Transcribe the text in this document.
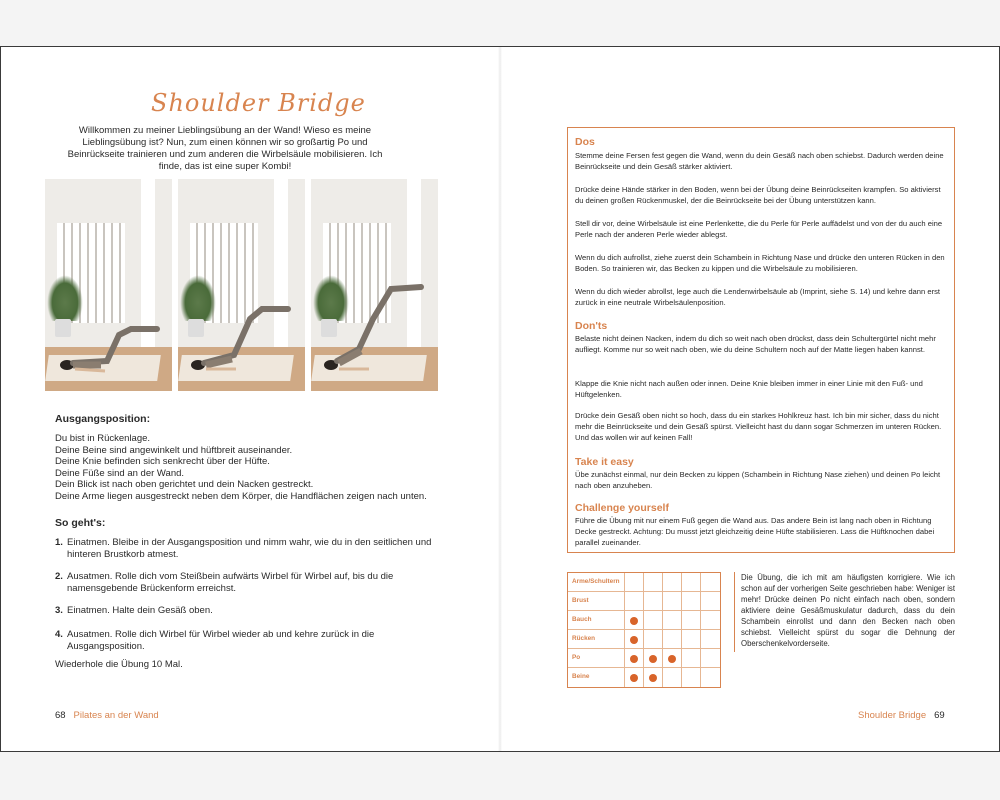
Shoulder Bridge

Willkommen zu meiner Lieblingsübung an der Wand! Wieso es meine Lieblingsübung ist? Nun, zum einen können wir so großartig Po und Beinrückseite trainieren und zum anderen die Wirbelsäule mobilisieren. Ich finde, das ist eine super Kombi!

Ausgangsposition:
Du bist in Rückenlage.
Deine Beine sind angewinkelt und hüftbreit auseinander.
Deine Knie befinden sich senkrecht über der Hüfte.
Deine Füße sind an der Wand.
Dein Blick ist nach oben gerichtet und dein Nacken gestreckt.
Deine Arme liegen ausgestreckt neben dem Körper, die Handflächen zeigen nach unten.
So geht's:
1. Einatmen. Bleibe in der Ausgangsposition und nimm wahr, wie du in den seitlichen und hinteren Brustkorb atmest.
2. Ausatmen. Rolle dich vom Steißbein aufwärts Wirbel für Wirbel auf, bis du die namensgebende Brückenform erreichst.
3. Einatmen. Halte dein Gesäß oben.
4. Ausatmen. Rolle dich Wirbel für Wirbel wieder ab und kehre zurück in die Ausgangsposition.

Wiederhole die Übung 10 Mal.

68 Pilates an der Wand
Dos

Stemme deine Fersen fest gegen die Wand, wenn du dein Gesäß nach oben schiebst. Dadurch werden deine Beinrückseite und dein Gesäß stärker aktiviert.

Drücke deine Hände stärker in den Boden, wenn bei der Übung deine Beinrückseiten krampfen. So aktivierst du deinen großen Rückenmuskel, der die Beinrückseite bei der Übung unterstützen kann.

Stell dir vor, deine Wirbelsäule ist eine Perlenkette, die du Perle für Perle auffädelst und von der du auch eine Perle nach der anderen Perle wieder ablegst.

Wenn du dich aufrollst, ziehe zuerst dein Schambein in Richtung Nase und drücke den unteren Rücken in den Boden. So trainieren wir, das Becken zu kippen und die Wirbelsäule zu mobilisieren.

Wenn du dich wieder abrollst, lege auch die Lendenwirbelsäule ab (Imprint, siehe S. 14) und kehre dann erst zurück in eine neutrale Wirbelsäulenposition.

Don'ts

Belaste nicht deinen Nacken, indem du dich so weit nach oben drückst, dass dein Schultergürtel nicht mehr aufliegt. Komme nur so weit nach oben, wie du deine Schultern noch auf der Matte liegen haben kannst.

Klappe die Knie nicht nach außen oder innen. Deine Knie bleiben immer in einer Linie mit den Fuß- und Hüftgelenken.

Drücke dein Gesäß oben nicht so hoch, dass du ein starkes Hohlkreuz hast. Ich bin mir sicher, dass du nicht mehr die Beinrückseite und dein Gesäß spürst. Vielleicht hast du dann sogar Schmerzen im unteren Rücken. Und das wollen wir auf keinen Fall!

Take it easy

Übe zunächst einmal, nur dein Becken zu kippen (Schambein in Richtung Nase ziehen) und deinen Po leicht nach oben anzuheben.

Challenge yourself

Führe die Übung mit nur einem Fuß gegen die Wand aus. Das andere Bein ist lang nach oben in Richtung Decke gestreckt. Achtung: Du musst jetzt gleichzeitig deine Hüfte stabilisieren. Lass die Hüftknochen dabei parallel zueinander.

Arme/Schultern
Brust
Bauch
Rücken
Po
Beine

Die Übung, die ich mit am häufigsten korrigiere. Wie ich schon auf der vorherigen Seite geschrieben habe: Weniger ist mehr! Drücke deinen Po nicht einfach nach oben, sondern aktiviere deine Gesäßmuskulatur dadurch, dass du dein Schambein einrollst und dann den Becken nach oben schiebst. Vielleicht spürst du sogar die Dehnung der Oberschenkelvorderseite.

Shoulder Bridge 69
